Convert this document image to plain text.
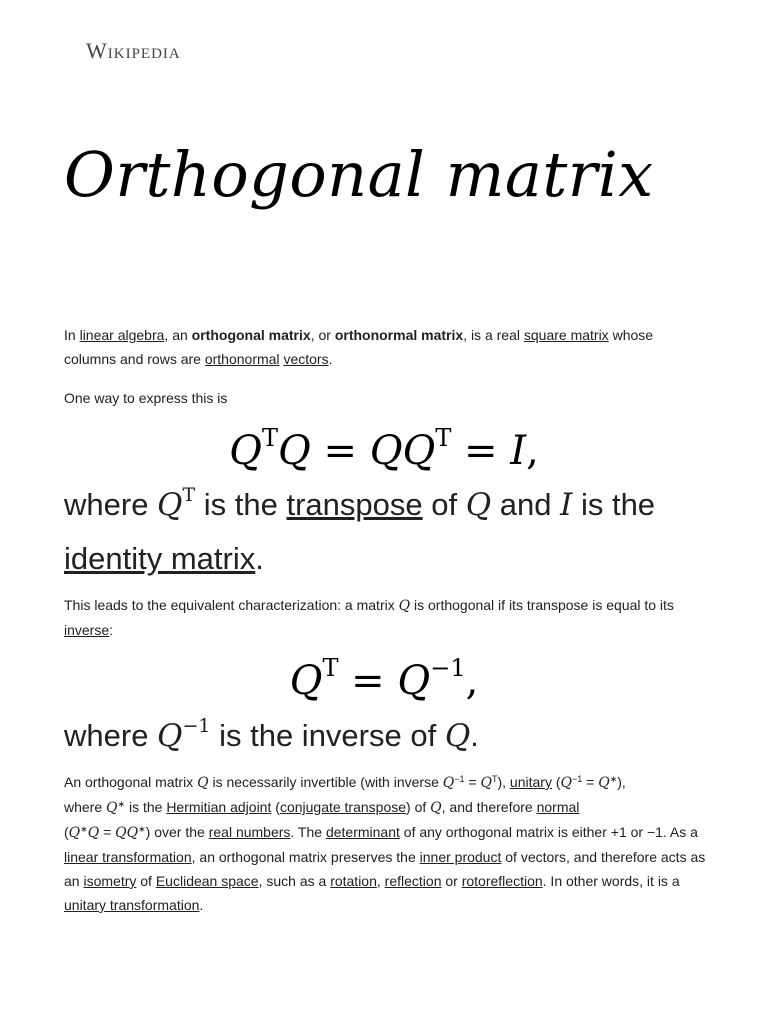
Wikipedia
Orthogonal matrix

In linear algebra, an orthogonal matrix, or orthonormal matrix, is a real square matrix whose columns and rows are orthonormal vectors.

One way to express this is

$Q^TQ = QQ^T = I$,

where $Q^T$ is the transpose of Q and I is the identity matrix.

This leads to the equivalent characterization: a matrix Q is orthogonal if its transpose is equal to its inverse:

$Q^T = Q^{-1}$,

where $Q^{-1}$ is the inverse of Q.

An orthogonal matrix Q is necessarily invertible (with inverse $Q^{-1} = Q^T$), unitary $(Q^{-1} = Q^∗)$,
where Q∗ is the Hermitian adjoint (conjugate transpose) of Q, and therefore normal
(Q∗Q = QQ∗) over the real numbers. The determinant of any orthogonal matrix is either +1 or −1. As a linear transformation, an orthogonal matrix preserves the inner product of vectors, and therefore acts as an isometry of Euclidean space, such as a rotation, reflection or rotoreflection. In other words, it is a unitary transformation.
